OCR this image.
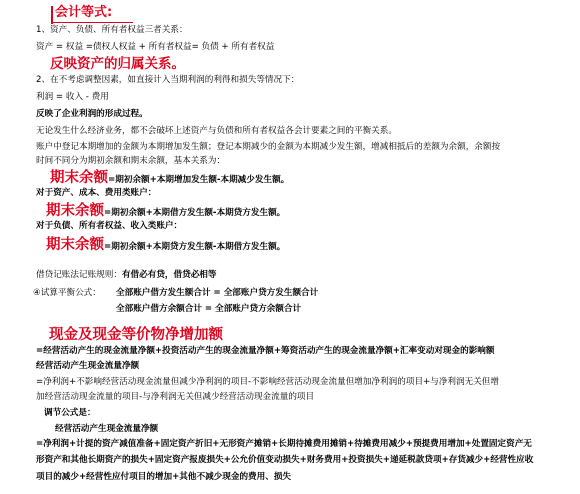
会计等式:
1、资产、负债、所有者权益三者关系：
资产 = 权益 =债权人权益 + 所有者权益= 负债 + 所有者权益
反映资产的归属关系。
2、在不考虑调整因素，如直接计入当期利润的利得和损失等情况下：
利润 = 收入 - 费用
反映了企业利润的形成过程。
无论发生什么经济业务，都不会破坏上述资产与负债和所有者权益各会计要素之间的平衡关系。
账户中登记本期增加的金额为本期增加发生额；登记本期减少的金额为本期减少发生额，增减相抵后的差额为余额，余额按
时间不同分为期初余额和期末余额，基本关系为：
期末余额=期初余额+本期增加发生额-本期减少发生额。
对于资产、成本、费用类账户：
期末余额=期初余额+本期借方发生额-本期贷方发生额。
对于负债、所有者权益、收入类账户：
期末余额=期初余额+本期贷方发生额-本期借方发生额。
借贷记账法记账规则：有借必有贷，借贷必相等
④试算平衡公式： 全部账户借方发生额合计 = 全部账户贷方发生额合计
全部账户借方余额合计 = 全部账户贷方余额合计
现金及现金等价物净增加额
=经营活动产生的现金流量净额+投资活动产生的现金流量净额+筹资活动产生的现金流量净额+汇率变动对现金的影响额
经营活动产生现金流量净额
=净利润+不影响经营活动现金流量但减少净利润的项目-不影响经营活动现金流量但增加净利润的项目+与净利润无关但增
加经营活动现金流量的项目-与净利润无关但减少经营活动现金流量的项目
调节公式是：
经营活动产生现金流量净额
=净利润+计提的资产减值准备+固定资产折旧+无形资产摊销+长期待摊费用摊销+待摊费用减少+预提费用增加+处置固定资产无
形资产和其他长期资产的损失+固定资产报废损失+公允价值变动损失+财务费用+投资损失+递延税款贷项+存货减少+经营性应收
项目的减少+经营性应付项目的增加+其他不减少现金的费用、损失
